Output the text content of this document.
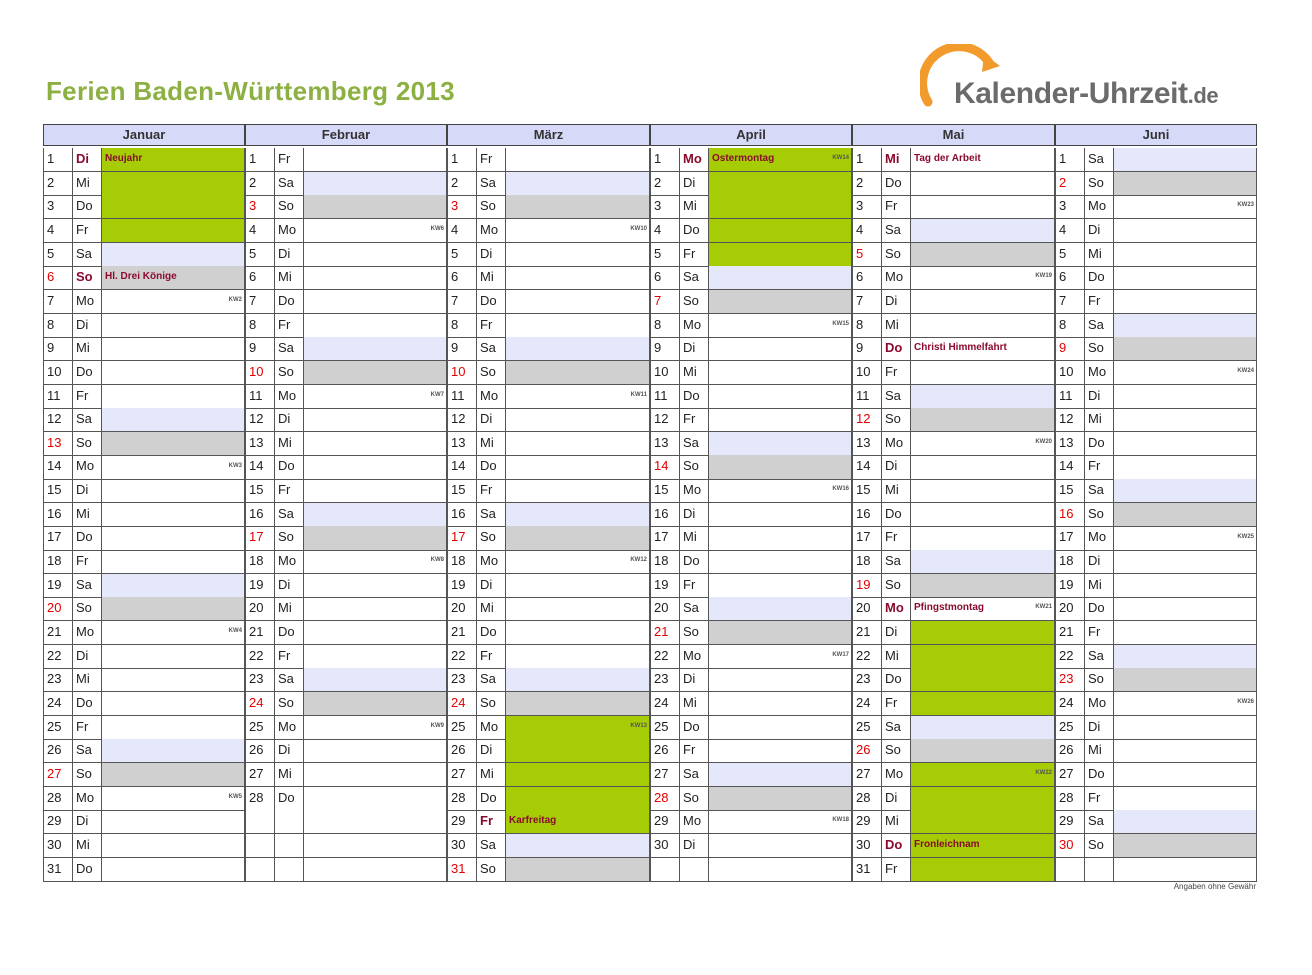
Ferien Baden-Württemberg 2013	Kalender-Uhrzeit.de
Januar
1	Di	Neujahr
2	Mi
3	Do
4	Fr
5	Sa
6	So	Hl. Drei Könige
7	Mo	KW2
8	Di
9	Mi
10	Do
11	Fr
12	Sa
13	So
14	Mo	KW3
15	Di
16	Mi
17	Do
18	Fr
19	Sa
20	So
21	Mo	KW4
22	Di
23	Mi
24	Do
25	Fr
26	Sa
27	So
28	Mo	KW5
29	Di
30	Mi
31	Do
Februar
1	Fr
2	Sa
3	So
4	Mo	KW6
5	Di
6	Mi
7	Do
8	Fr
9	Sa
10	So
11	Mo	KW7
12	Di
13	Mi
14	Do
15	Fr
16	Sa
17	So
18	Mo	KW8
19	Di
20	Mi
21	Do
22	Fr
23	Sa
24	So
25	Mo	KW9
26	Di
27	Mi
28	Do
März
1	Fr
2	Sa
3	So
4	Mo	KW10
5	Di
6	Mi
7	Do
8	Fr
9	Sa
10	So
11	Mo	KW11
12	Di
13	Mi
14	Do
15	Fr
16	Sa
17	So
18	Mo	KW12
19	Di
20	Mi
21	Do
22	Fr
23	Sa
24	So
25	Mo	KW13
26	Di
27	Mi
28	Do
29	Fr	Karfreitag
30	Sa
31	So
April
1	Mo	Ostermontag	KW14
2	Di
3	Mi
4	Do
5	Fr
6	Sa
7	So
8	Mo	KW15
9	Di
10	Mi
11	Do
12	Fr
13	Sa
14	So
15	Mo	KW16
16	Di
17	Mi
18	Do
19	Fr
20	Sa
21	So
22	Mo	KW17
23	Di
24	Mi
25	Do
26	Fr
27	Sa
28	So
29	Mo	KW18
30	Di
Mai
1	Mi	Tag der Arbeit
2	Do
3	Fr
4	Sa
5	So
6	Mo	KW19
7	Di
8	Mi
9	Do	Christi Himmelfahrt
10	Fr
11	Sa
12	So
13	Mo	KW20
14	Di
15	Mi
16	Do
17	Fr
18	Sa
19	So
20	Mo	Pfingstmontag	KW21
21	Di
22	Mi
23	Do
24	Fr
25	Sa
26	So
27	Mo	KW22
28	Di
29	Mi
30	Do	Fronleichnam
31	Fr
Juni
1	Sa
2	So
3	Mo	KW23
4	Di
5	Mi
6	Do
7	Fr
8	Sa
9	So
10	Mo	KW24
11	Di
12	Mi
13	Do
14	Fr
15	Sa
16	So
17	Mo	KW25
18	Di
19	Mi
20	Do
21	Fr
22	Sa
23	So
24	Mo	KW26
25	Di
26	Mi
27	Do
28	Fr
29	Sa
30	So
Angaben ohne Gewähr
